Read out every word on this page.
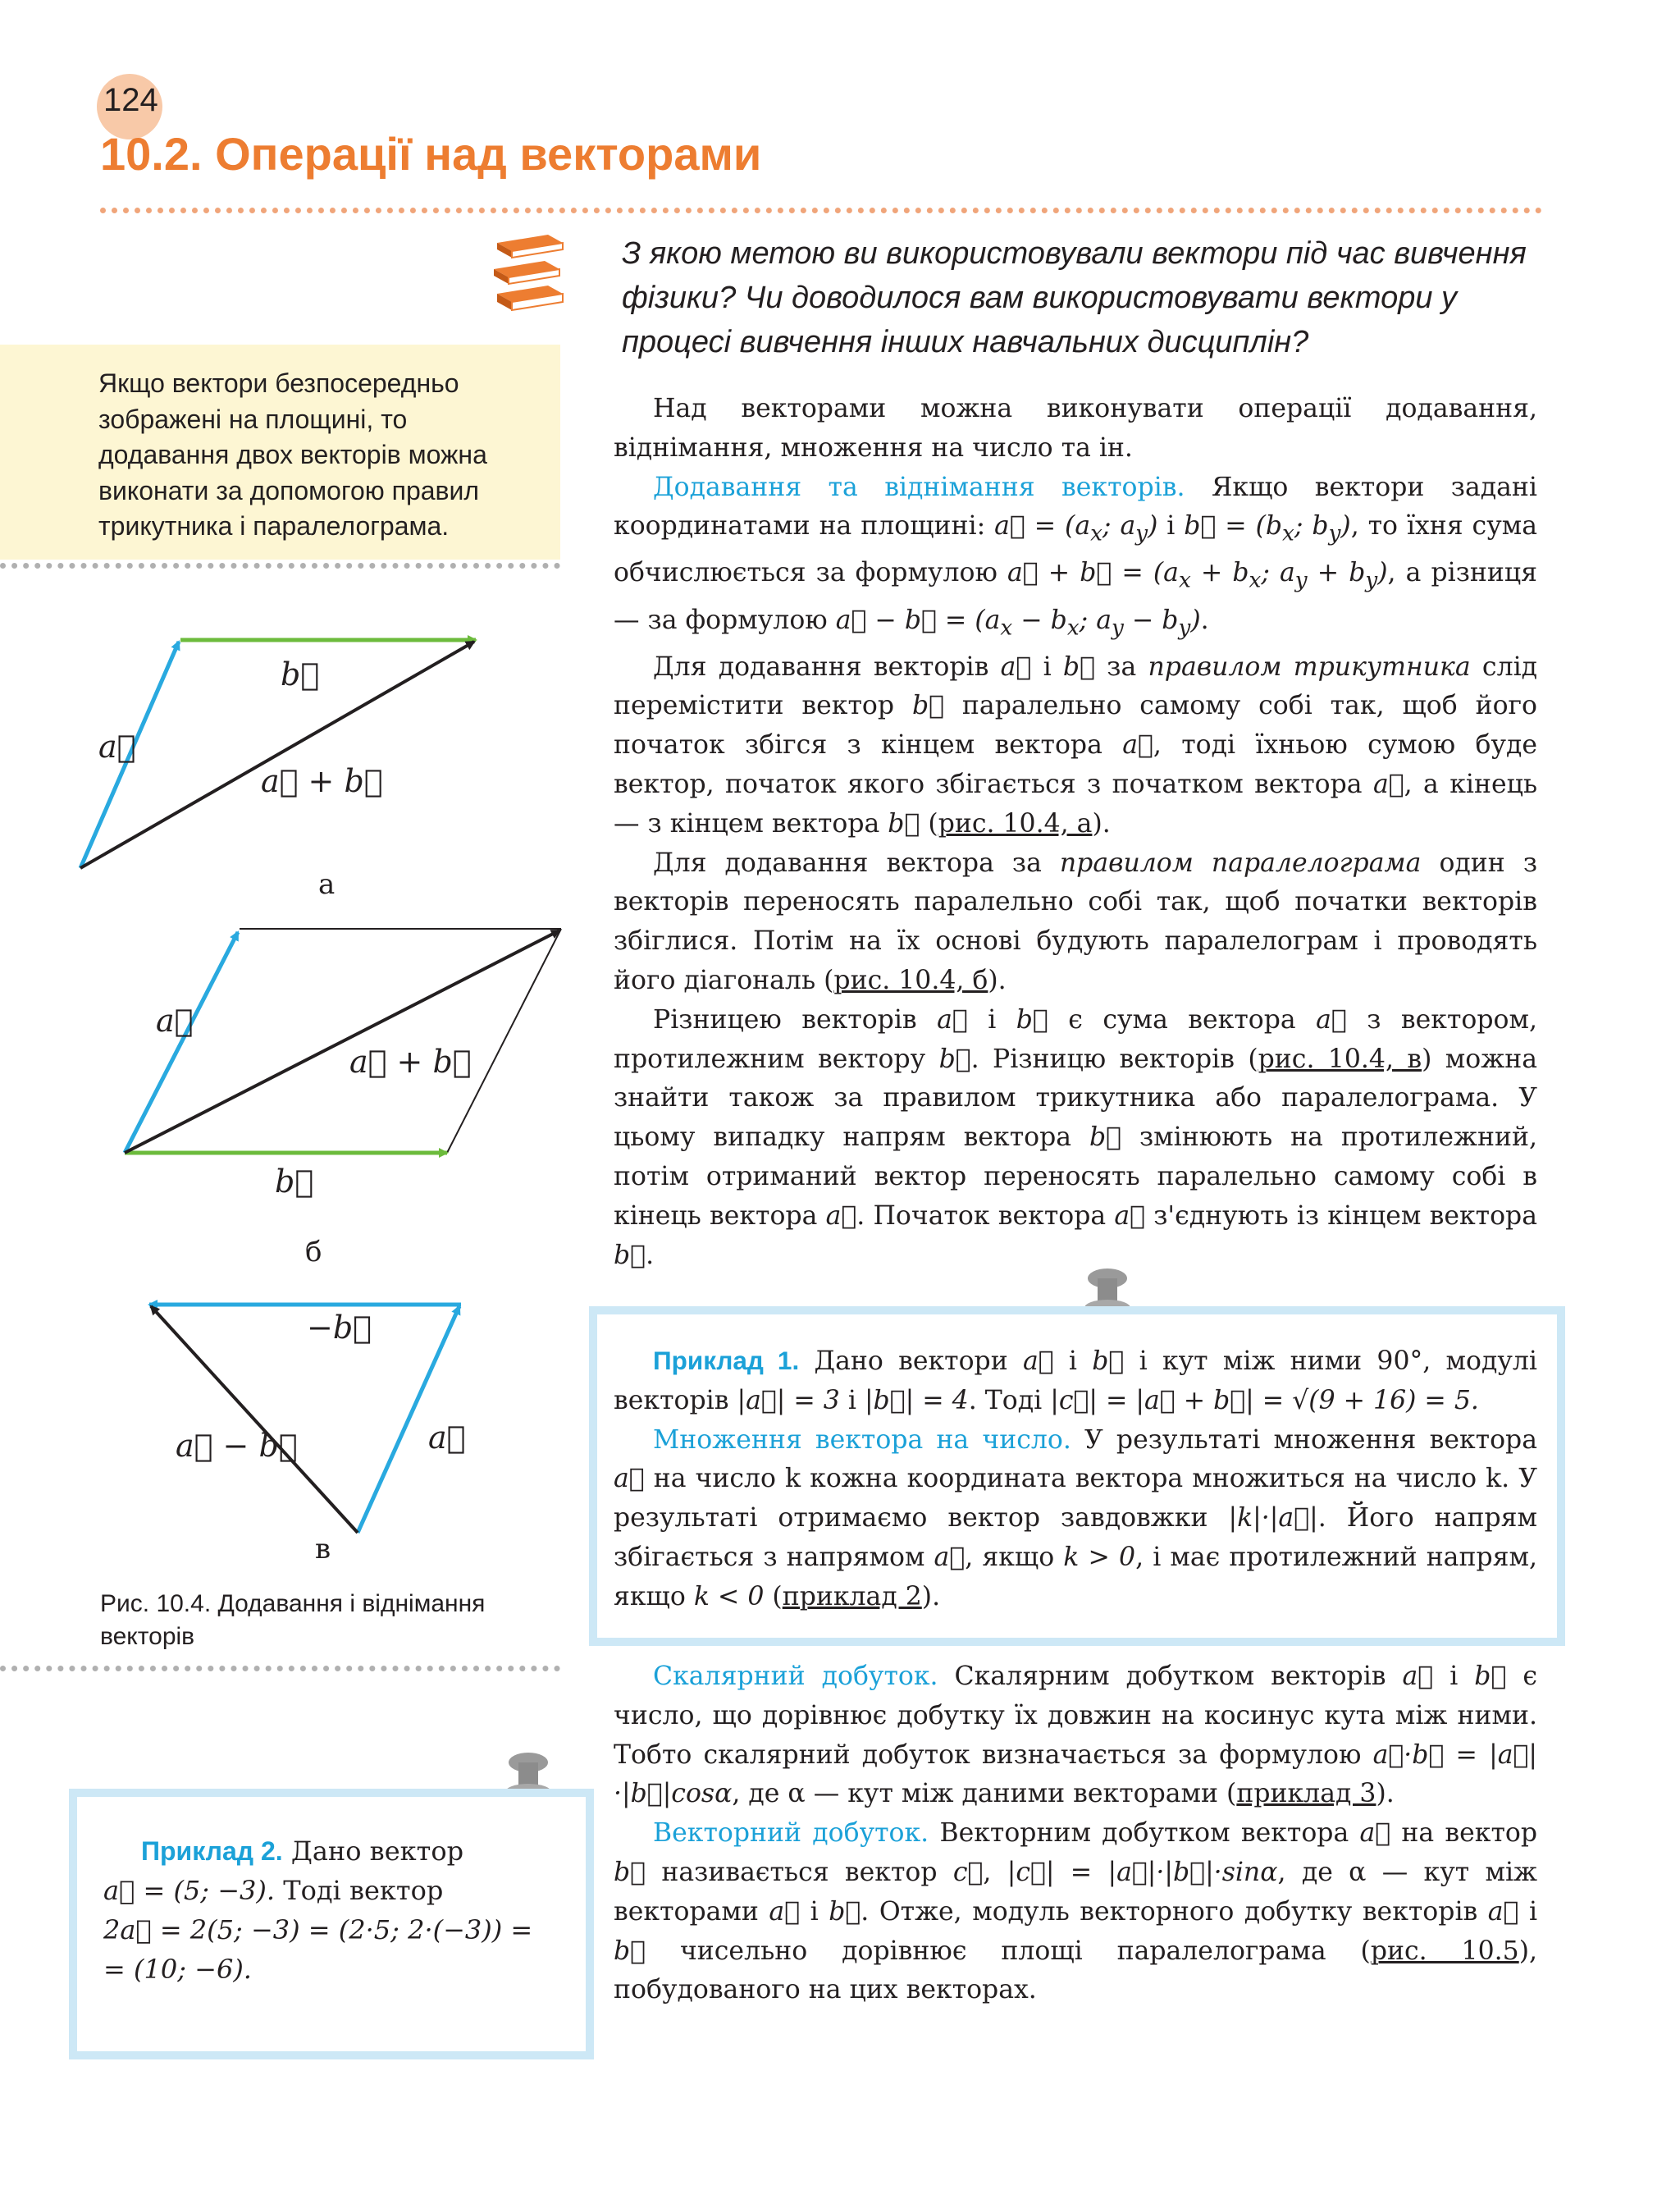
124
10.2. Операції над векторами
З якою метою ви використовували вектори під час вивчення фізики? Чи доводилося вам використовувати вектори у процесі вивчення інших навчальних дисциплін?
Якщо вектори безпосередньо зображені на площині, то додавання двох векторів можна виконати за допомогою правил трикутника і паралелограма.

Над векторами можна виконувати операції додавання, віднімання, множення на число та ін.

Додавання та віднімання векторів. Якщо вектори задані координатами на площині: a⃗ = ($a_x$; $a_y$) і b⃗ = ($b_x$; $b_y$), то їхня сума обчислюється за формулою a⃗ + b⃗ = ($a_x + b_x$; $a_y + b_y$), а різниця — за формулою a⃗ − b⃗ = ($a_x - b_x$; $a_y - b_y$).

Для додавання векторів a⃗ і b⃗ за правилом трикутника слід перемістити вектор b⃗ паралельно самому собі так, щоб його початок збігся з кінцем вектора a⃗, тоді їхньою сумою буде вектор, початок якого збігається з початком вектора a⃗, а кінець — з кінцем вектора b⃗ (рис. 10.4, а).

Для додавання вектора за правилом паралелограма один з векторів переносять паралельно собі так, щоб початки векторів збіглися. Потім на їх основі будують паралелограм і проводять його діагональ (рис. 10.4, б).

Різницею векторів a⃗ і b⃗ є сума вектора a⃗ з вектором, протилежним вектору b⃗. Різницю векторів (рис. 10.4, в) можна знайти також за правилом трикутника або паралелограма. У цьому випадку напрям вектора b⃗ змінюють на протилежний, потім отриманий вектор переносять паралельно самому собі в кінець вектора a⃗. Початок вектора a⃗ з'єднують із кінцем вектора b⃗.

Приклад 1. Дано вектори a⃗ і b⃗ і кут між ними 90°, модулі векторів |a⃗| = 3 і |b⃗| = 4. Тоді |c⃗| = |a⃗ + b⃗| = √(9 + 16) = 5.

Множення вектора на число. У результаті множення вектора a⃗ на число k кожна координата вектора множиться на число k. У результаті отримаємо вектор завдовжки |k|·|a⃗|. Його напрям збігається з напрямом a⃗, якщо k > 0, і має протилежний напрям, якщо k < 0 (приклад 2).

Скалярний добуток. Скалярним добутком векторів a⃗ і b⃗ є число, що дорівнює добутку їх довжин на косинус кута між ними. Тобто скалярний добуток визначається за формулою a⃗·b⃗ = |a⃗|·|b⃗|cosα, де α — кут між даними векторами (приклад 3).

Векторний добуток. Векторним добутком вектора a⃗ на вектор b⃗ називається вектор c⃗, |c⃗| = |a⃗|·|b⃗|·sinα, де α — кут між векторами a⃗ і b⃗. Отже, модуль векторного добутку векторів a⃗ і b⃗ чисельно дорівнює площі паралелограма (рис. 10.5), побудованого на цих векторах.

a⃗
b⃗
a⃗ + b⃗
а
a⃗
a⃗ + b⃗
b⃗
б
−b⃗
a⃗ − b⃗	a⃗
в
Рис. 10.4. Додавання і віднімання векторів
Приклад 2. Дано вектор
a⃗ = (5; −3). Тоді вектор
2a⃗ = 2(5; −3) = (2·5; 2·(−3)) =
= (10; −6).
